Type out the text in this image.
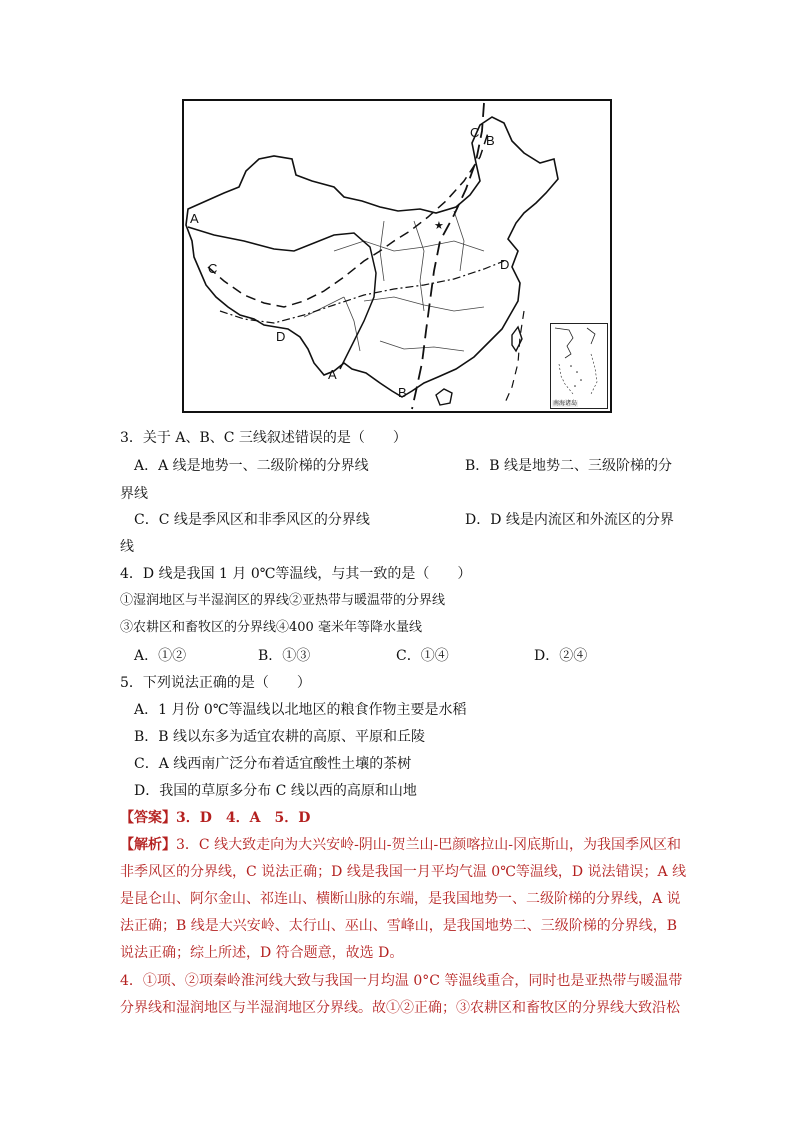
★
A
A
B
B
C
C
D
D
南海诸岛
3．关于 A、B、C 三线叙述错误的是（　　）
A．A 线是地势一、二级阶梯的分界线	B．B 线是地势二、三级阶梯的分
界线
C．C 线是季风区和非季风区的分界线	D．D 线是内流区和外流区的分界
线
4．D 线是我国 1 月 0℃等温线，与其一致的是（　　）
①湿润地区与半湿润区的界线②亚热带与暖温带的分界线
③农耕区和畜牧区的分界线④400 毫米年等降水量线
A．①②	B．①③	C．①④	D．②④
5．下列说法正确的是（　　）
A．1 月份 0℃等温线以北地区的粮食作物主要是水稻
B．B 线以东多为适宜农耕的高原、平原和丘陵
C．A 线西南广泛分布着适宜酸性土壤的茶树
D．我国的草原多分布 C 线以西的高原和山地
【答案】3．D　4．A　5．D
【解析】3．C 线大致走向为大兴安岭-阴山-贺兰山-巴颜喀拉山-冈底斯山，为我国季风区和
非季风区的分界线，C 说法正确；D 线是我国一月平均气温 0℃等温线，D 说法错误；A 线
是昆仑山、阿尔金山、祁连山、横断山脉的东端，是我国地势一、二级阶梯的分界线，A 说
法正确；B 线是大兴安岭、太行山、巫山、雪峰山，是我国地势二、三级阶梯的分界线，B
说法正确；综上所述，D 符合题意，故选 D。
4．①项、②项秦岭淮河线大致与我国一月均温 0°C 等温线重合，同时也是亚热带与暖温带
分界线和湿润地区与半湿润地区分界线。故①②正确；③农耕区和畜牧区的分界线大致沿松
